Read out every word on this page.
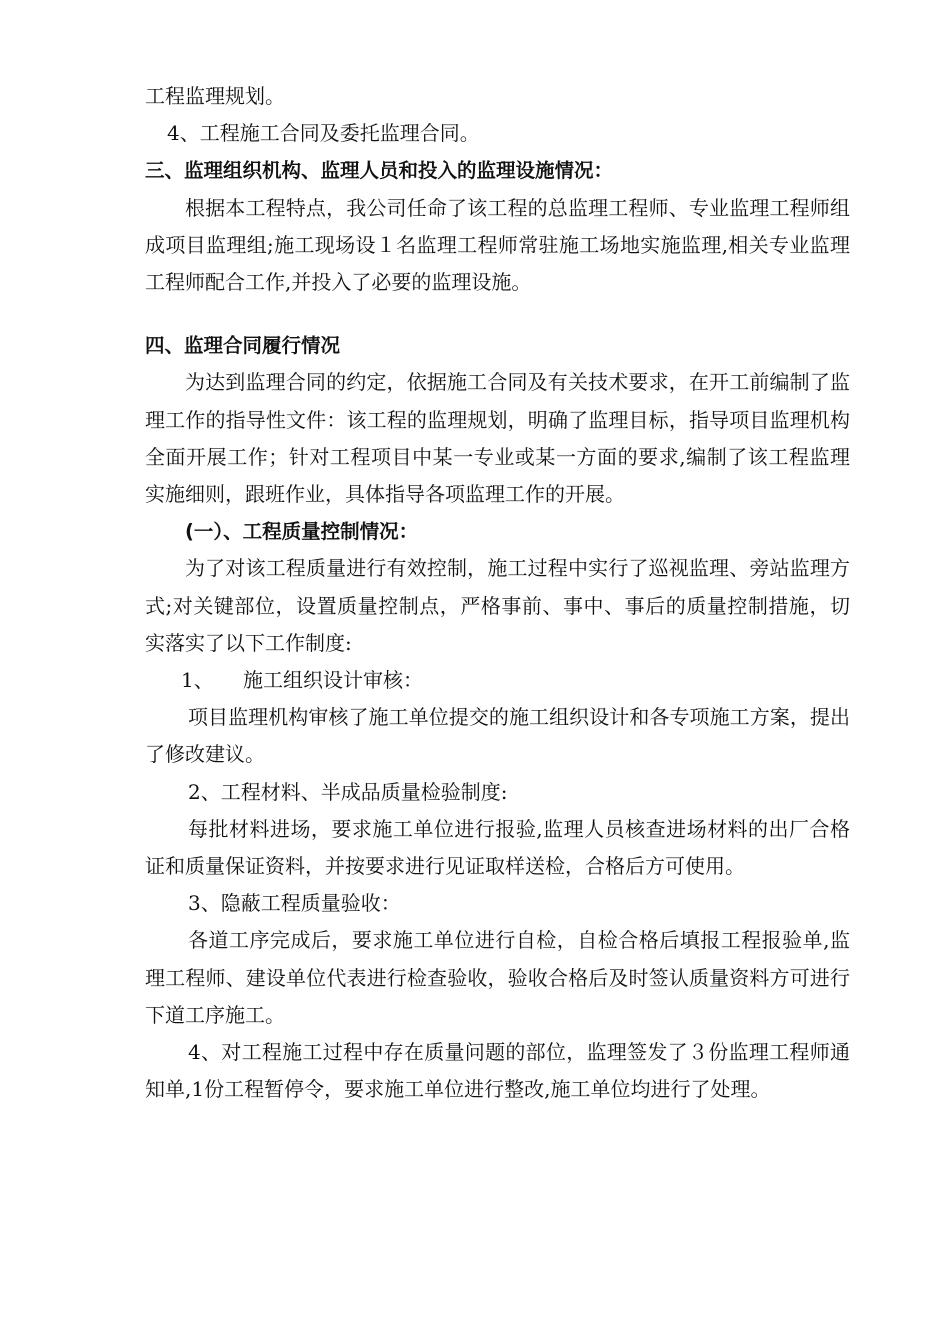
工程监理规划。

4、工程施工合同及委托监理合同。

三、监理组织机构、监理人员和投入的监理设施情况：

根据本工程特点，我公司任命了该工程的总监理工程师、专业监理工程师组成项目监理组;施工现场设１名监理工程师常驻施工场地实施监理,相关专业监理工程师配合工作,并投入了必要的监理设施。

四、监理合同履行情况

为达到监理合同的约定，依据施工合同及有关技术要求，在开工前编制了监理工作的指导性文件：该工程的监理规划，明确了监理目标，指导项目监理机构全面开展工作；针对工程项目中某一专业或某一方面的要求,编制了该工程监理实施细则，跟班作业，具体指导各项监理工作的开展。

(一）、工程质量控制情况：

为了对该工程质量进行有效控制，施工过程中实行了巡视监理、旁站监理方式;对关键部位，设置质量控制点，严格事前、事中、事后的质量控制措施，切实落实了以下工作制度:

1、 施工组织设计审核：

项目监理机构审核了施工单位提交的施工组织设计和各专项施工方案，提出了修改建议。

2、工程材料、半成品质量检验制度:

每批材料进场，要求施工单位进行报验,监理人员核查进场材料的出厂合格证和质量保证资料，并按要求进行见证取样送检，合格后方可使用。

3、隐蔽工程质量验收：

各道工序完成后，要求施工单位进行自检，自检合格后填报工程报验单,监理工程师、建设单位代表进行检查验收，验收合格后及时签认质量资料方可进行下道工序施工。

4、对工程施工过程中存在质量问题的部位，监理签发了３份监理工程师通知单,1份工程暂停令，要求施工单位进行整改,施工单位均进行了处理。
